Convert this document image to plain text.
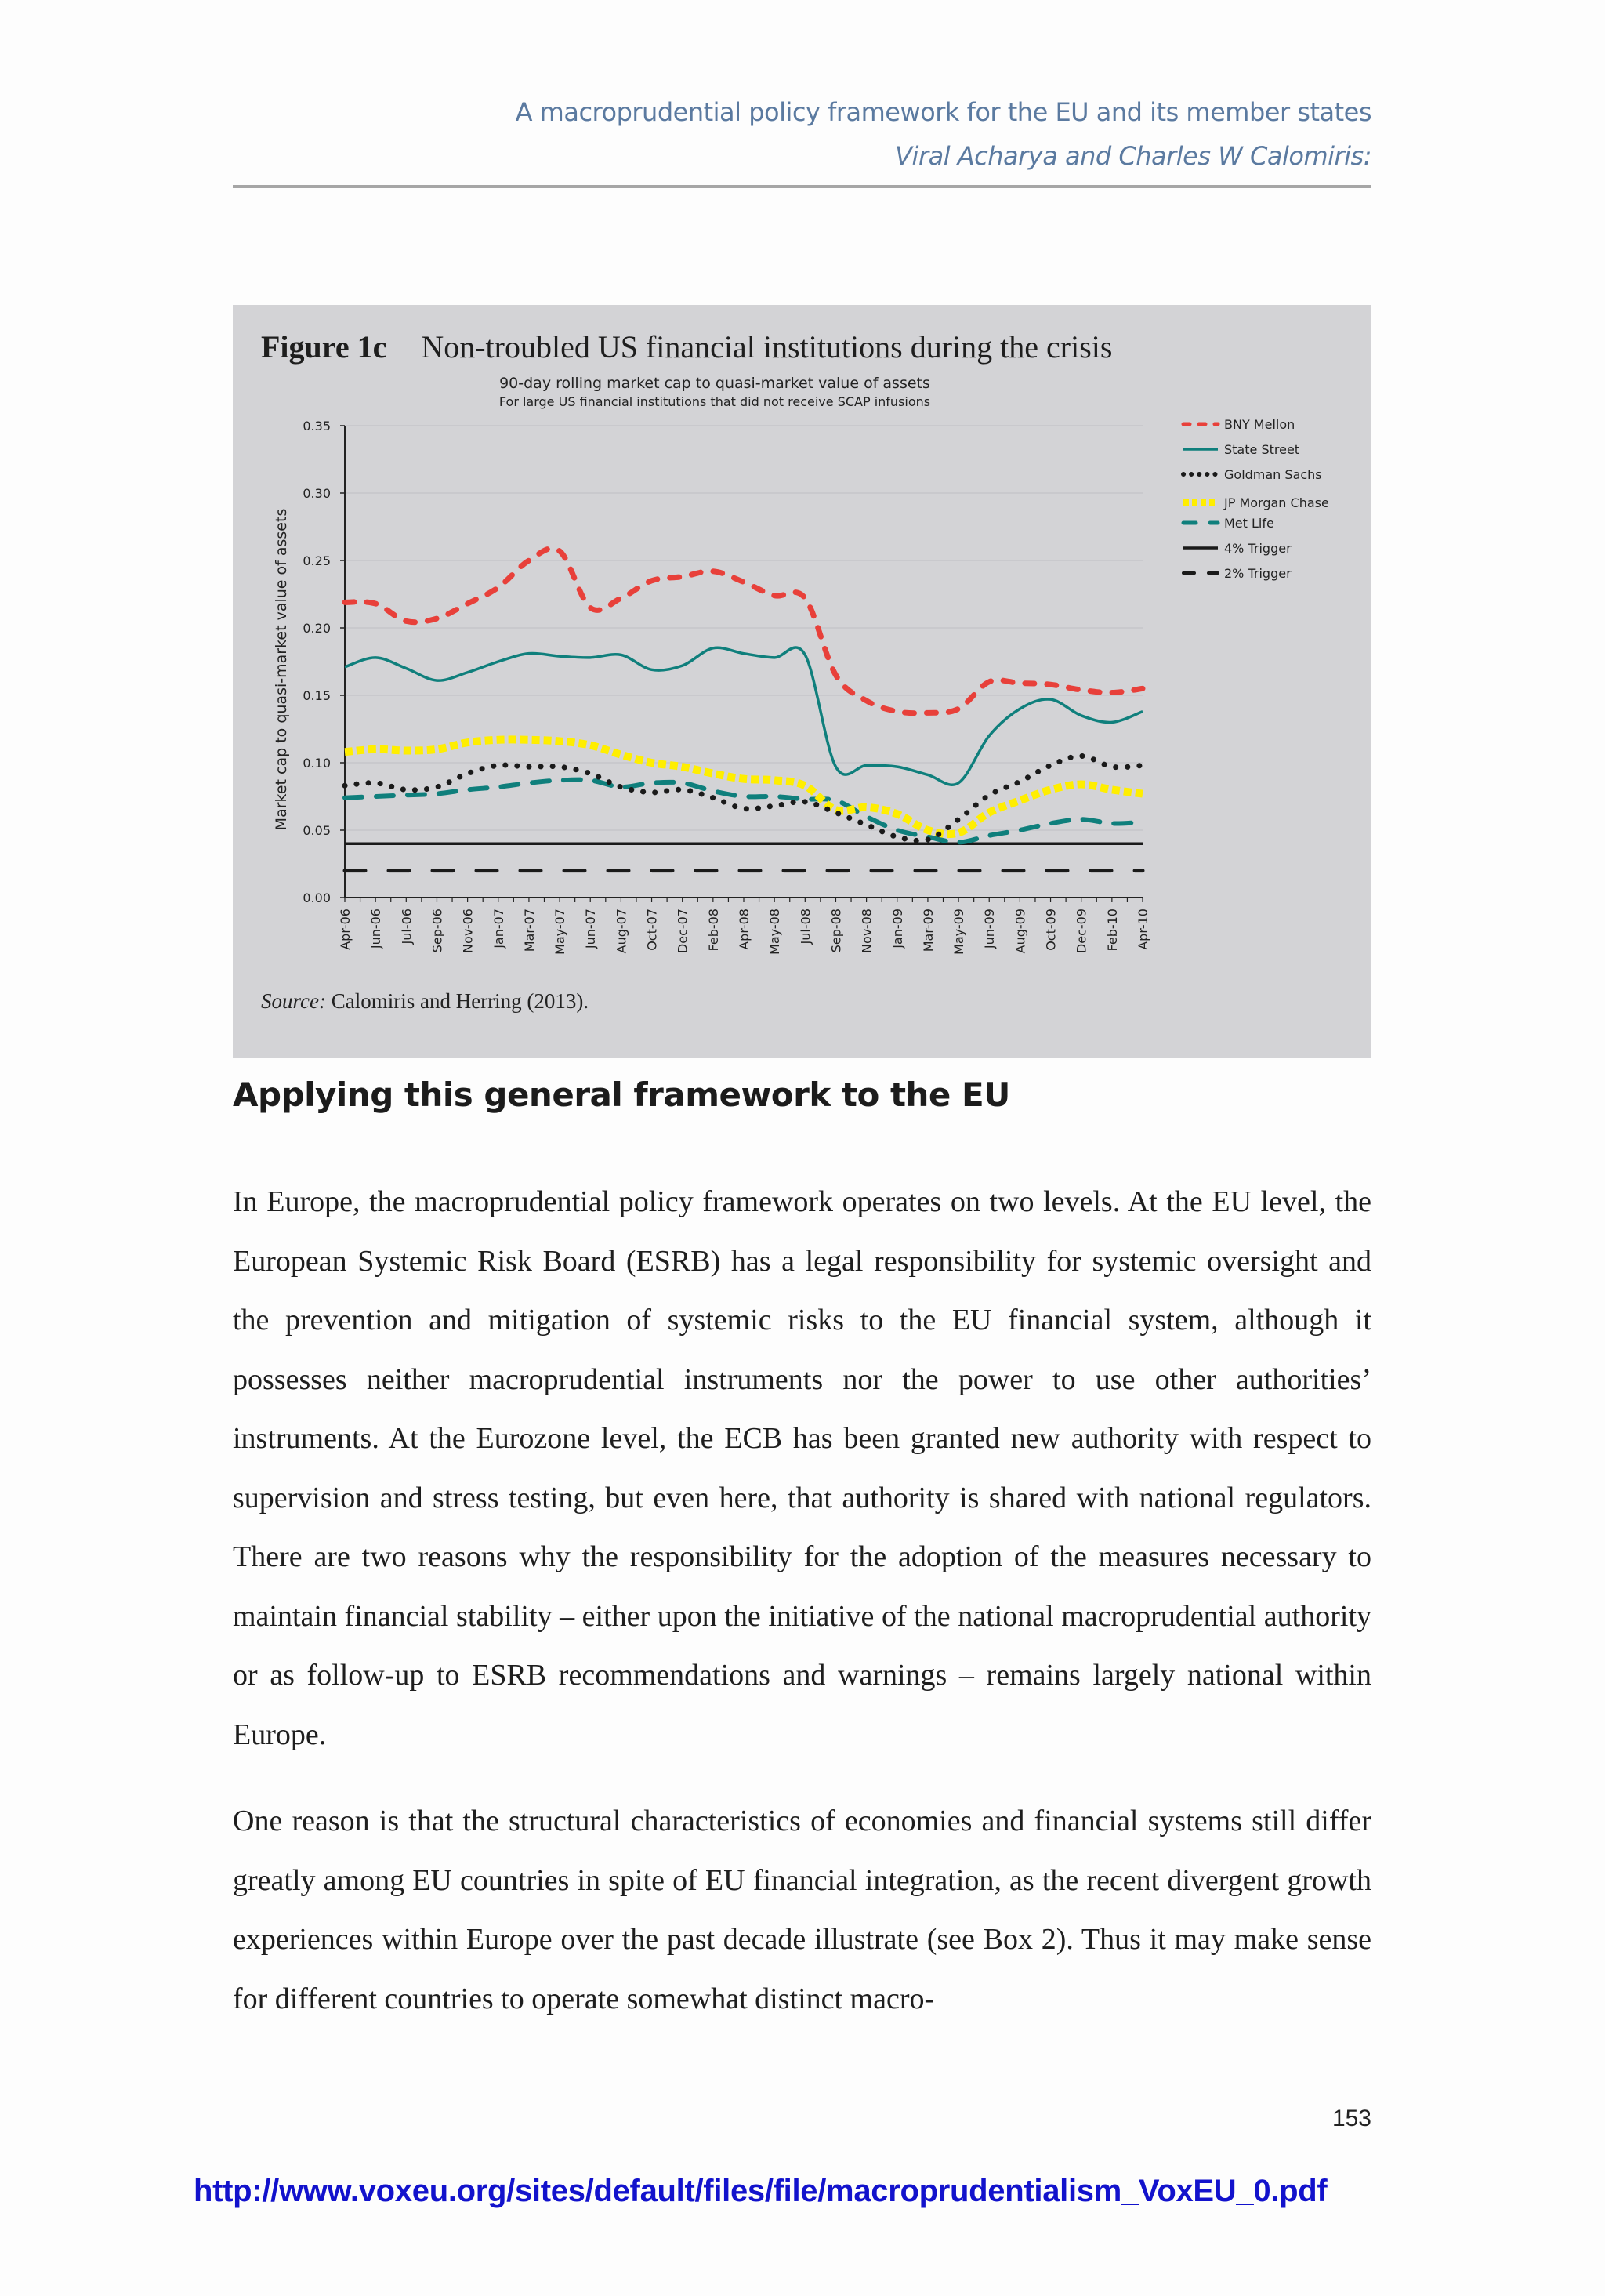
A macroprudential policy framework for the EU and its member states
Viral Acharya and Charles W Calomiris:
Figure 1c Non-troubled US financial institutions during the crisis
90-day rolling market cap to quasi-market value of assets
For large US financial institutions that did not receive SCAP infusions
0.00
0.05
0.10
0.15
0.20
0.25
0.30
0.35
Market cap to quasi-market value of assets
Apr-06 Jun-06 Jul-06 Sep-06 Nov-06 Jan-07 Mar-07 May-07 Jun-07 Aug-07 Oct-07 Dec-07 Feb-08 Apr-08 May-08 Jul-08 Sep-08 Nov-08 Jan-09 Mar-09 May-09 Jun-09 Aug-09 Oct-09 Dec-09 Feb-10 Apr-10
BNY Mellon
State Street
Goldman Sachs
JP Morgan Chase
Met Life
4% Trigger
2% Trigger
Source: Calomiris and Herring (2013).
Applying this general framework to the EU

In Europe, the macroprudential policy framework operates on two levels. At the EU level, the European Systemic Risk Board (ESRB) has a legal responsibility for systemic oversight and the prevention and mitigation of systemic risks to the EU financial system, although it possesses neither macroprudential instruments nor the power to use other authorities’ instruments. At the Eurozone level, the ECB has been granted new authority with respect to supervision and stress testing, but even here, that authority is shared with national regulators. There are two reasons why the responsibility for the adoption of the measures necessary to maintain financial stability – either upon the initiative of the national macroprudential authority or as follow-up to ESRB recommendations and warnings – remains largely national within Europe.

One reason is that the structural characteristics of economies and financial systems still differ greatly among EU countries in spite of EU financial integration, as the recent divergent growth experiences within Europe over the past decade illustrate (see Box 2). Thus it may make sense for different countries to operate somewhat distinct macro-

153
http://www.voxeu.org/sites/default/files/file/macroprudentialism_VoxEU_0.pdf
